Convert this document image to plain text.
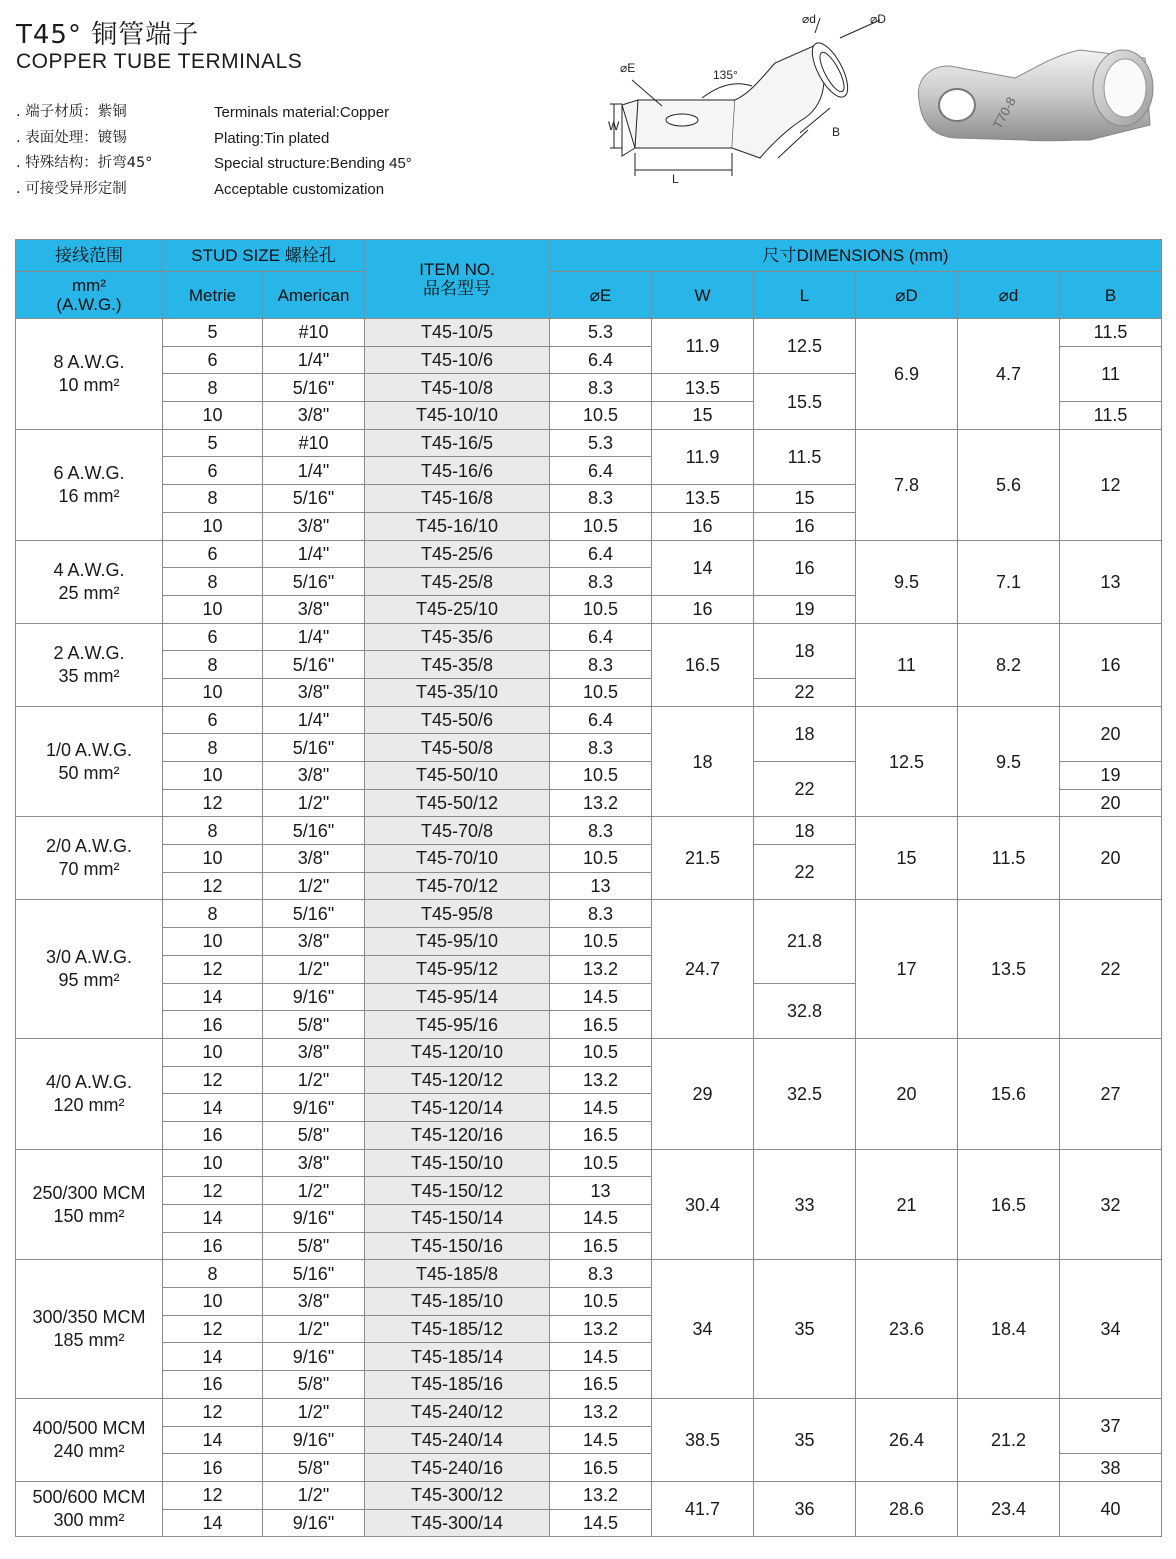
T45° 铜管端子
COPPER TUBE TERMINALS
. 端子材质：紫铜
. 表面处理：镀锡
. 特殊结构：折弯45°
. 可接受异形定制
Terminals material:Copper
Plating:Tin plated
Special structure:Bending 45°
Acceptable customization
⌀E
⌀d	⌀D
135°
W
L
B
T70-8
接线范围	STUD SIZE 螺栓孔		ITEM NO.
品名型号	尺寸DIMENSIONS (mm)					

mm²
(A.W.G.)	Metrie	American		⌀E	W	L	⌀D	⌀d	B

8 A.W.G.
10 mm²	5	#10	T45-10/5	5.3	11.9	12.5	6.9	4.7	11.5
	6	1/4"	T45-10/6	6.4					11
	8	5/16"	T45-10/8	8.3	13.5	15.5			
	10	3/8"	T45-10/10	10.5	15				11.5

6 A.W.G.
16 mm²	5	#10	T45-16/5	5.3	11.9	11.5	7.8	5.6	12
	6	1/4"	T45-16/6	6.4					
	8	5/16"	T45-16/8	8.3	13.5	15			
	10	3/8"	T45-16/10	10.5	16	16			

4 A.W.G.
25 mm²	6	1/4"	T45-25/6	6.4	14	16	9.5	7.1	13
	8	5/16"	T45-25/8	8.3					
	10	3/8"	T45-25/10	10.5	16	19			

2 A.W.G.
35 mm²	6	1/4"	T45-35/6	6.4	16.5	18	11	8.2	16
	8	5/16"	T45-35/8	8.3					
	10	3/8"	T45-35/10	10.5		22			

1/0 A.W.G.
50 mm²	6	1/4"	T45-50/6	6.4	18	18	12.5	9.5	20
	8	5/16"	T45-50/8	8.3					
	10	3/8"	T45-50/10	10.5		22			19
	12	1/2"	T45-50/12	13.2					20

2/0 A.W.G.
70 mm²	8	5/16"	T45-70/8	8.3	21.5	18	15	11.5	20
	10	3/8"	T45-70/10	10.5		22			
	12	1/2"	T45-70/12	13					

3/0 A.W.G.
95 mm²	8	5/16"	T45-95/8	8.3	24.7	21.8	17	13.5	22
	10	3/8"	T45-95/10	10.5					
	12	1/2"	T45-95/12	13.2					
	14	9/16"	T45-95/14	14.5		32.8			
	16	5/8"	T45-95/16	16.5					

4/0 A.W.G.
120 mm²	10	3/8"	T45-120/10	10.5	29	32.5	20	15.6	27
	12	1/2"	T45-120/12	13.2					
	14	9/16"	T45-120/14	14.5					
	16	5/8"	T45-120/16	16.5					

250/300 MCM
150 mm²	10	3/8"	T45-150/10	10.5	30.4	33	21	16.5	32
	12	1/2"	T45-150/12	13					
	14	9/16"	T45-150/14	14.5					
	16	5/8"	T45-150/16	16.5					

300/350 MCM
185 mm²	8	5/16"	T45-185/8	8.3	34	35	23.6	18.4	34
	10	3/8"	T45-185/10	10.5					
	12	1/2"	T45-185/12	13.2					
	14	9/16"	T45-185/14	14.5					
	16	5/8"	T45-185/16	16.5					

400/500 MCM
240 mm²	12	1/2"	T45-240/12	13.2	38.5	35	26.4	21.2	37
	14	9/16"	T45-240/14	14.5					
	16	5/8"	T45-240/16	16.5					38

500/600 MCM
300 mm²	12	1/2"	T45-300/12	13.2	41.7	36	28.6	23.4	40
	14	9/16"	T45-300/14	14.5					
